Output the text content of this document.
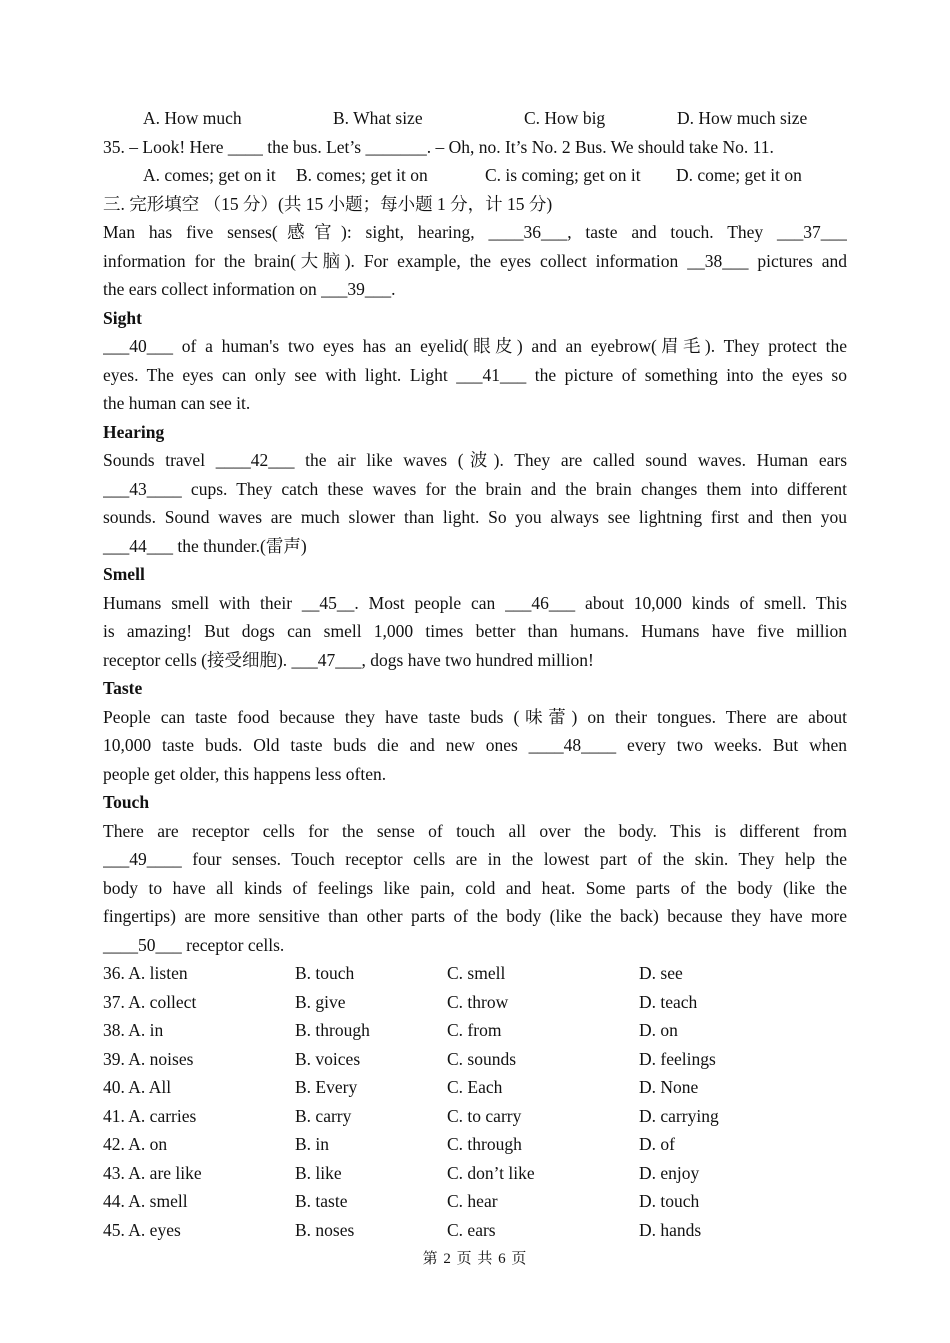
A. How much	B. What size	C. How big	D. How much size
35. – Look! Here ____ the bus. Let’s _______. – Oh, no. It’s No. 2 Bus. We should take No. 11.
A. comes; get on it	B. comes; get it on	C. is coming; get on it	D. come; get it on
三. 完形填空 （15 分）(共 15 小题；每小题 1 分，计 15 分)
Man has five senses(感官): sight, hearing, ____36___, taste and touch. They ___37___
information for the brain(大脑). For example, the eyes collect information __38___ pictures and
the ears collect information on ___39___.
Sight
___40___ of a human's two eyes has an eyelid(眼皮) and an eyebrow(眉毛). They protect the
eyes. The eyes can only see with light. Light ___41___ the picture of something into the eyes so
the human can see it.
Hearing
Sounds travel ____42___ the air like waves (波). They are called sound waves. Human ears
___43____ cups. They catch these waves for the brain and the brain changes them into different
sounds. Sound waves are much slower than light. So you always see lightning first and then you
___44___ the thunder.(雷声)
Smell
Humans smell with their __45__. Most people can ___46___ about 10,000 kinds of smell. This
is amazing! But dogs can smell 1,000 times better than humans. Humans have five million
receptor cells (接受细胞). ___47___, dogs have two hundred million!
Taste
People can taste food because they have taste buds (味蕾) on their tongues. There are about
10,000 taste buds. Old taste buds die and new ones ____48____ every two weeks. But when
people get older, this happens less often.
Touch
There are receptor cells for the sense of touch all over the body. This is different from
___49____ four senses. Touch receptor cells are in the lowest part of the skin. They help the
body to have all kinds of feelings like pain, cold and heat. Some parts of the body (like the
fingertips) are more sensitive than other parts of the body (like the back) because they have more
____50___ receptor cells.
36. A. listen	B. touch	C. smell	D. see
37. A. collect	B. give	C. throw	D. teach
38. A. in	B. through	C. from	D. on
39. A. noises	B. voices	C. sounds	D. feelings
40. A. All	B. Every	C. Each	D. None
41. A. carries	B. carry	C. to carry	D. carrying
42. A. on	B. in	C. through	D. of
43. A. are like	B. like	C. don’t like	D. enjoy
44. A. smell	B. taste	C. hear	D. touch
45. A. eyes	B. noses	C. ears	D. hands
第 2 页 共 6 页
